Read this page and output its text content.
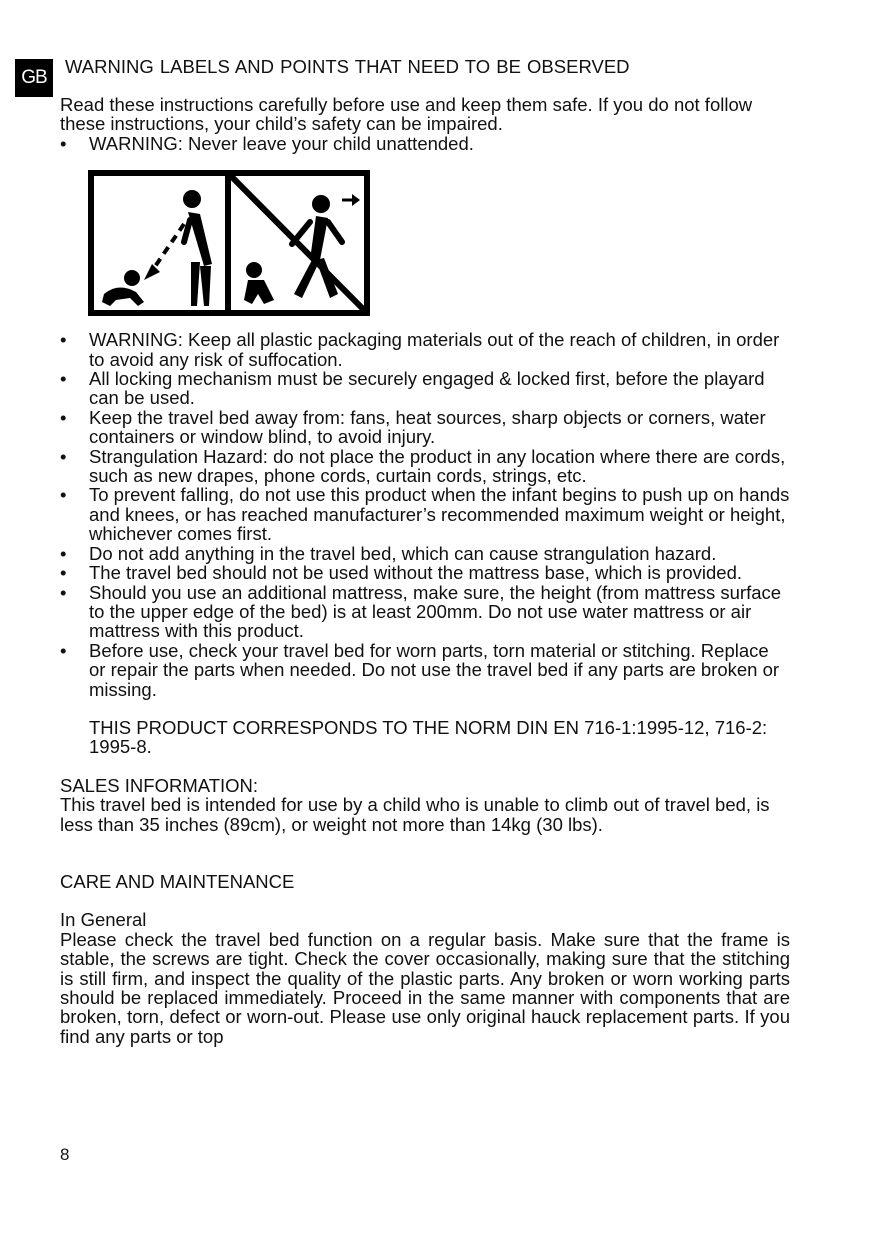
GB
WARNING LABELS AND POINTS THAT NEED TO BE OBSERVED

Read these instructions carefully before use and keep them safe. If you do not follow these instructions, your child’s safety can be impaired.

• WARNING: Never leave your child unattended.
• WARNING: Keep all plastic packaging materials out of the reach of children, in order to avoid any risk of suffocation.
• All locking mechanism must be securely engaged & locked first, before the playard can be used.
• Keep the travel bed away from: fans, heat sources, sharp objects or corners, water containers or window blind, to avoid injury.
• Strangulation Hazard: do not place the product in any location where there are cords, such as new drapes, phone cords, curtain cords, strings, etc.
• To prevent falling, do not use this product when the infant begins to push up on hands and knees, or has reached manufacturer’s recommended maximum weight or height, whichever comes first.
• Do not add anything in the travel bed, which can cause strangulation hazard.
• The travel bed should not be used without the mattress base, which is provided.
• Should you use an additional mattress, make sure, the height (from mattress surface to the upper edge of the bed) is at least 200mm. Do not use water mattress or air mattress with this product.
• Before use, check your travel bed for worn parts, torn material or stitching. Replace or repair the parts when needed. Do not use the travel bed if any parts are broken or missing.

THIS PRODUCT CORRESPONDS TO THE NORM DIN EN 716-1:1995-12, 716-2: 1995-8.

SALES INFORMATION:

This travel bed is intended for use by a child who is unable to climb out of travel bed, is less than 35 inches (89cm), or weight not more than 14kg (30 lbs).

CARE AND MAINTENANCE

In General

Please check the travel bed function on a regular basis. Make sure that the frame is stable, the screws are tight. Check the cover occasionally, making sure that the stitching is still firm, and inspect the quality of the plastic parts. Any broken or worn working parts should be replaced immediately. Proceed in the same manner with components that are broken, torn, defect or worn-out. Please use only original hauck replacement parts. If you find any parts or top

8
